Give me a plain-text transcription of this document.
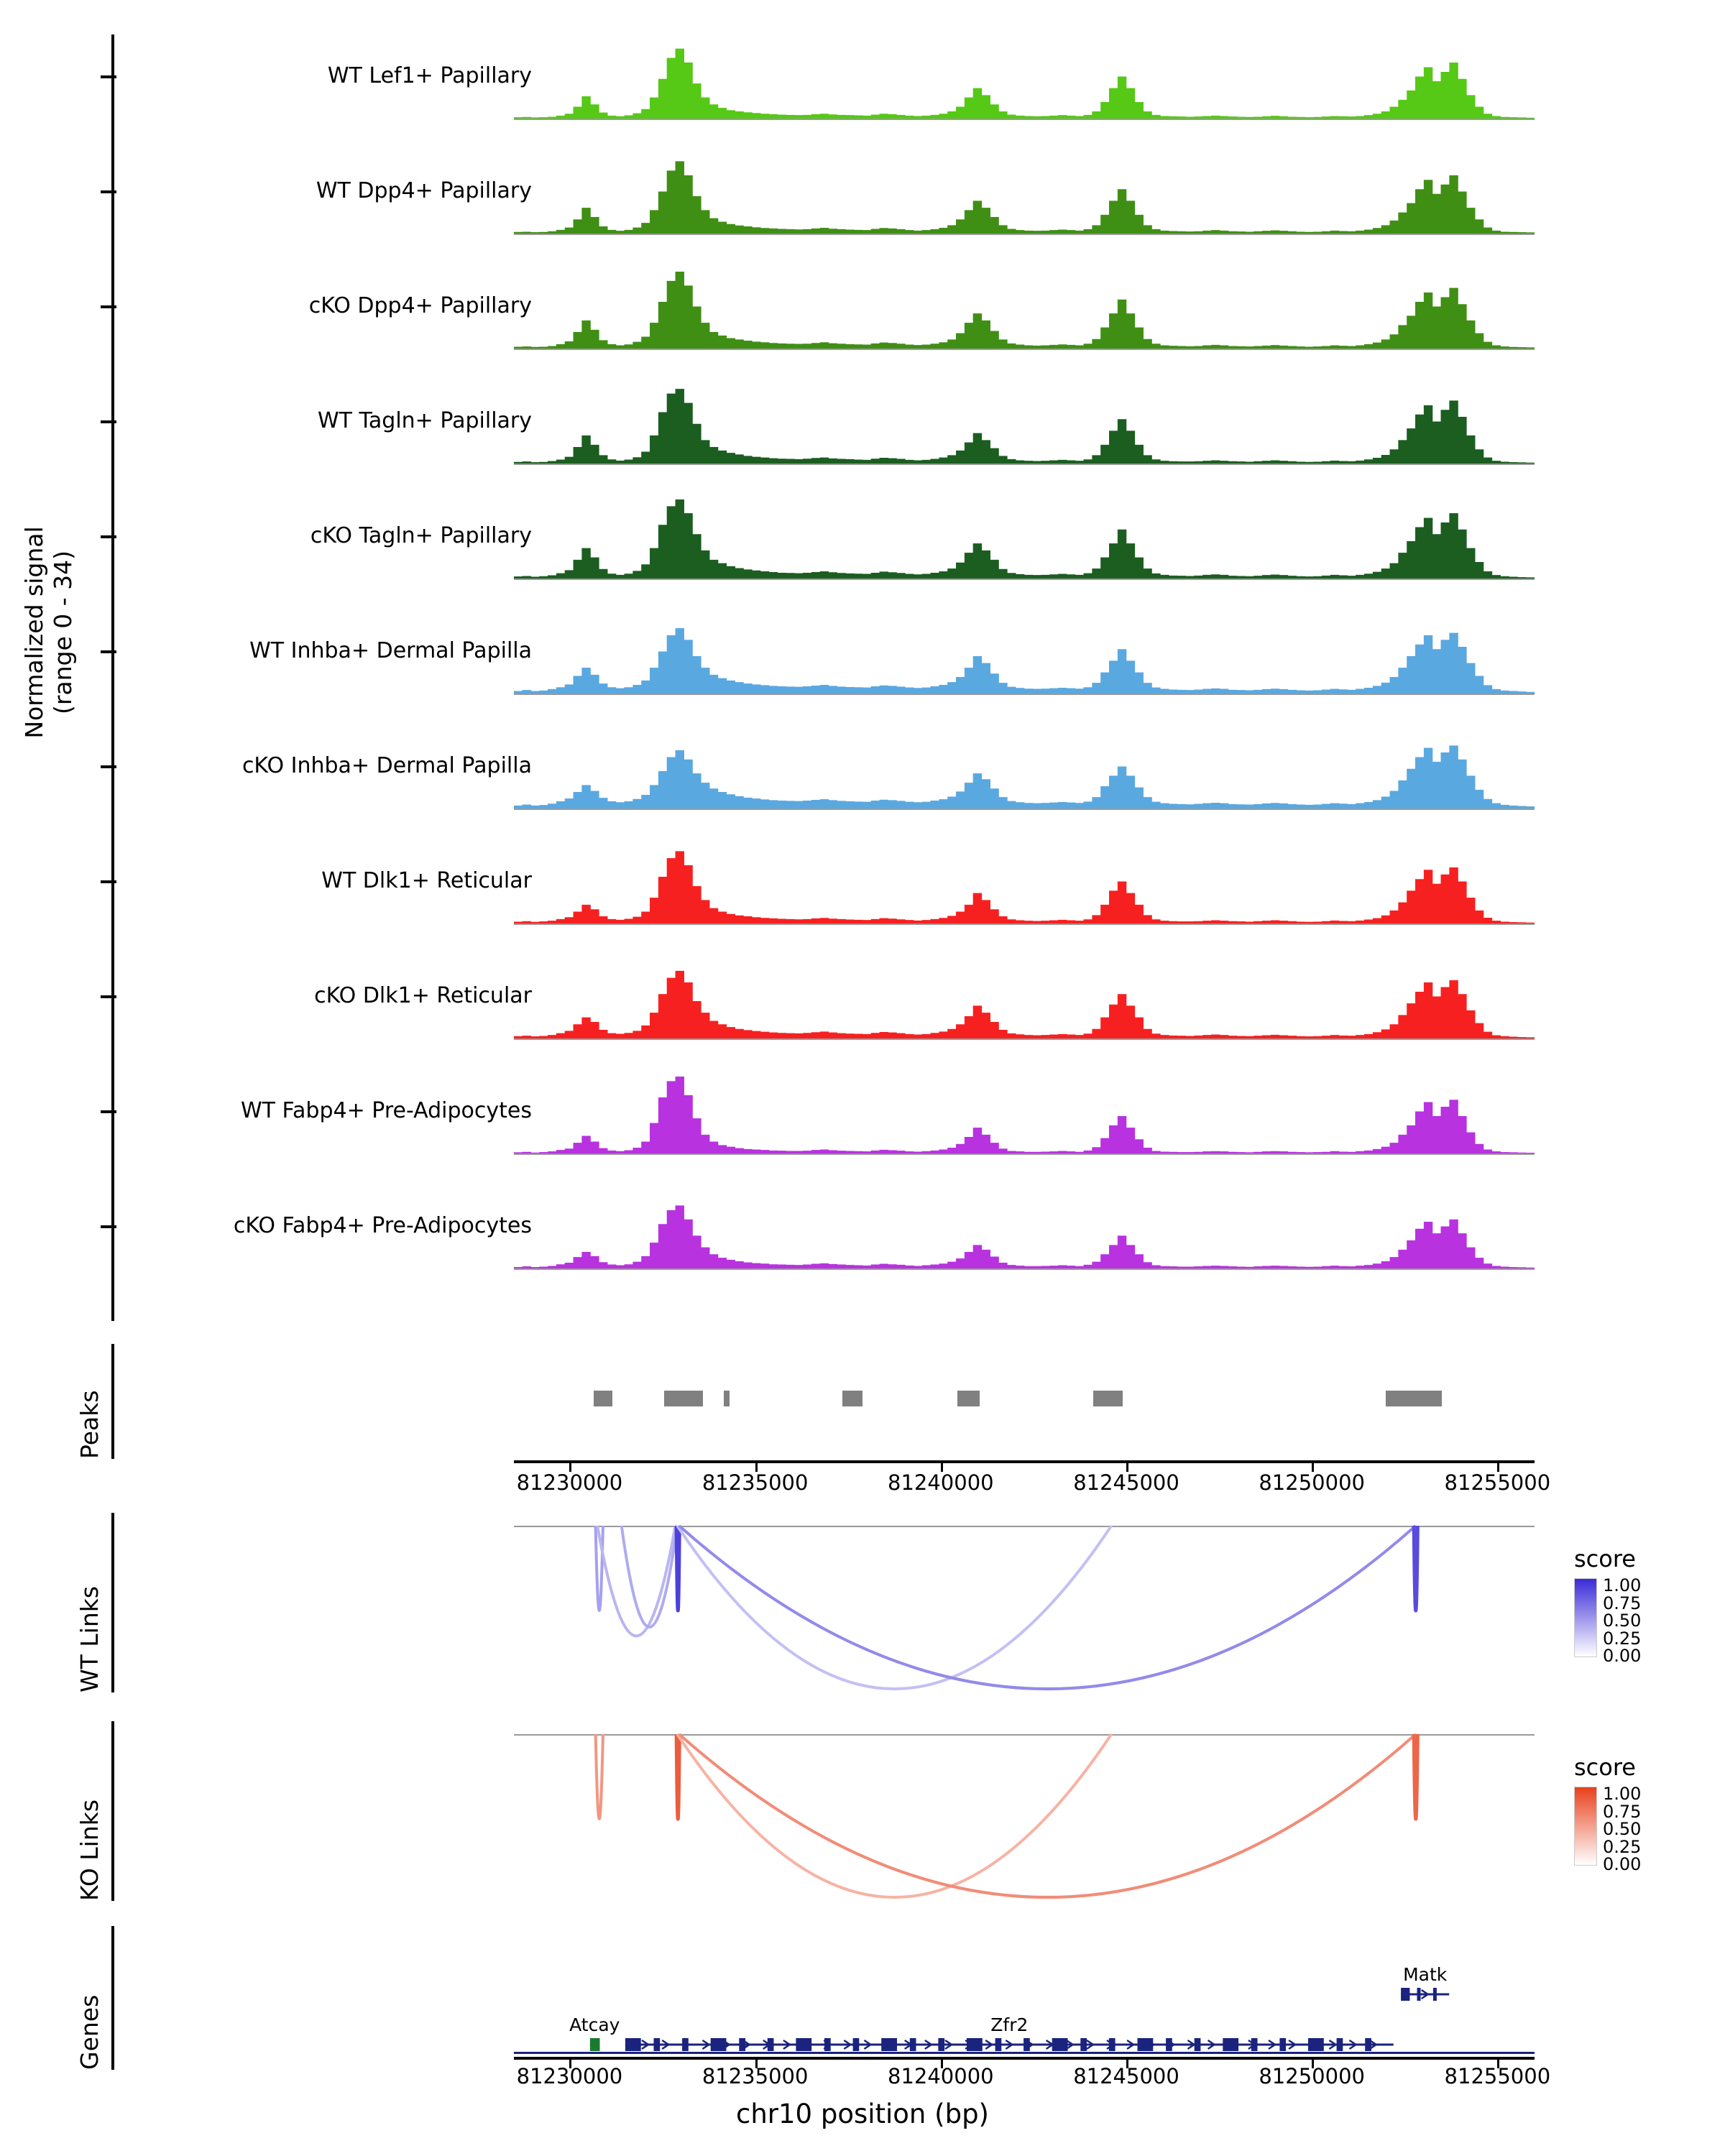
Normalized signal (range 0 - 34)
WT Lef1+ Papillary
WT Dpp4+ Papillary
cKO Dpp4+ Papillary
WT Tagln+ Papillary
cKO Tagln+ Papillary
WT Inhba+ Dermal Papilla
cKO Inhba+ Dermal Papilla
WT Dlk1+ Reticular
cKO Dlk1+ Reticular
WT Fabp4+ Pre-Adipocytes
cKO Fabp4+ Pre-Adipocytes
Peaks
81230000	81235000	81240000	81245000	81250000	81255000
WT Links
KO Links
score
1.00
0.75
0.50
0.25
0.00
score
1.00
0.75
0.50
0.25
0.00
Genes
81230000	81235000	81240000	81245000	81250000	81255000
chr10 position (bp)
Matk
Atcay	Zfr2
